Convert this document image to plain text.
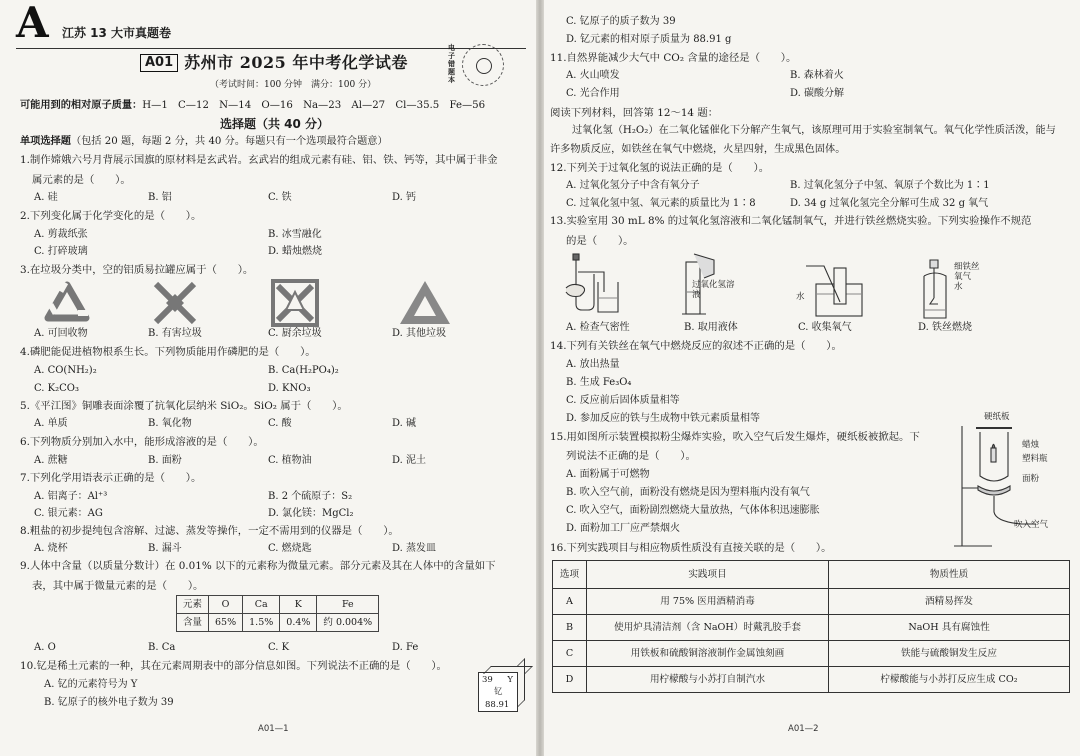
A 江苏 13 大市真题卷
A01 苏州市 2025 年中考化学试卷
电子错题本
（考试时间：100 分钟　满分：100 分）
可能用到的相对原子质量：H—1　C—12　N—14　O—16　Na—23　Al—27　Cl—35.5　Fe—56
选择题（共 40 分）
单项选择题（包括 20 题，每题 2 分，共 40 分。每题只有一个选项最符合题意）
1.制作嫦娥六号月背展示国旗的原材料是玄武岩。玄武岩的组成元素有硅、铝、铁、钙等，其中属于非金
属元素的是（　　）。
A. 硅	B. 铝	C. 铁	D. 钙
2.下列变化属于化学变化的是（　　）。
A. 剪裁纸张	B. 冰雪融化
C. 打碎玻璃	D. 蜡烛燃烧
3.在垃圾分类中，空的铝质易拉罐应属于（　　）。
A. 可回收物	B. 有害垃圾	C. 厨余垃圾	D. 其他垃圾
4.磷肥能促进植物根系生长。下列物质能用作磷肥的是（　　）。
A. CO(NH₂)₂	B. Ca(H₂PO₄)₂
C. K₂CO₃	D. KNO₃
5.《平江图》铜雕表面涂覆了抗氧化层纳米 SiO₂。SiO₂ 属于（　　）。
A. 单质	B. 氧化物	C. 酸	D. 碱
6.下列物质分别加入水中，能形成溶液的是（　　）。
A. 蔗糖	B. 面粉	C. 植物油	D. 泥土
7.下列化学用语表示正确的是（　　）。
A. 铝离子：Al⁺³	B. 2 个硫原子：S₂
C. 银元素：AG	D. 氯化镁：MgCl₂
8.粗盐的初步提纯包含溶解、过滤、蒸发等操作，一定不需用到的仪器是（　　）。
A. 烧杯	B. 漏斗	C. 燃烧匙	D. 蒸发皿
9.人体中含量（以质量分数计）在 0.01% 以下的元素称为微量元素。部分元素及其在人体中的含量如下
表，其中属于微量元素的是（　　）。
元素	O	Ca	K	Fe
含量	65%	1.5%	0.4%	约 0.004%
A. O	B. Ca	C. K	D. Fe
10.钇是稀土元素的一种，其在元素周期表中的部分信息如图。下列说法不正确的是（　　）。
A. 钇的元素符号为 Y
B. 钇原子的核外电子数为 39
39 Y
钇
88.91
A01—1
C. 钇原子的质子数为 39
D. 钇元素的相对原子质量为 88.91 g
11.自然界能减少大气中 CO₂ 含量的途径是（　　）。
A. 火山喷发	B. 森林着火
C. 光合作用	D. 碳酸分解
阅读下列材料，回答第 12～14 题：
过氧化氢（H₂O₂）在二氧化锰催化下分解产生氧气，该原理可用于实验室制氧气。氧气化学性质活泼，能与许多物质反应，如铁丝在氧气中燃烧，火星四射，生成黑色固体。
12.下列关于过氧化氢的说法正确的是（　　）。
A. 过氧化氢分子中含有氧分子	B. 过氧化氢分子中氢、氧原子个数比为 1∶1
C. 过氧化氢中氢、氧元素的质量比为 1∶8	D. 34 g 过氧化氢完全分解可生成 32 g 氧气
13.实验室用 30 mL 8% 的过氧化氢溶液和二氧化锰制氧气，并进行铁丝燃烧实验。下列实验操作不规范
的是（　　）。
过氧化氢溶液	水
细铁丝
氧气
水
A. 检查气密性	B. 取用液体	C. 收集氧气	D. 铁丝燃烧
14.下列有关铁丝在氧气中燃烧反应的叙述不正确的是（　　）。
A. 放出热量
B. 生成 Fe₃O₄
C. 反应前后固体质量相等
D. 参加反应的铁与生成物中铁元素质量相等
15.用如图所示装置模拟粉尘爆炸实验，吹入空气后发生爆炸，硬纸板被掀起。下
列说法不正确的是（　　）。
A. 面粉属于可燃物
B. 吹入空气前，面粉没有燃烧是因为塑料瓶内没有氧气
C. 吹入空气，面粉剧烈燃烧大量放热，气体体积迅速膨胀
D. 面粉加工厂应严禁烟火
硬纸板
蜡烛
塑料瓶
面粉
吹入空气
16.下列实践项目与相应物质性质没有直接关联的是（　　）。
选项	实践项目	物质性质
A	用 75% 医用酒精消毒	酒精易挥发
B	使用炉具清洁剂（含 NaOH）时戴乳胶手套	NaOH 具有腐蚀性
C	用铁板和硫酸铜溶液制作金属蚀刻画	铁能与硫酸铜发生反应
D	用柠檬酸与小苏打自制汽水	柠檬酸能与小苏打反应生成 CO₂
A01—2
